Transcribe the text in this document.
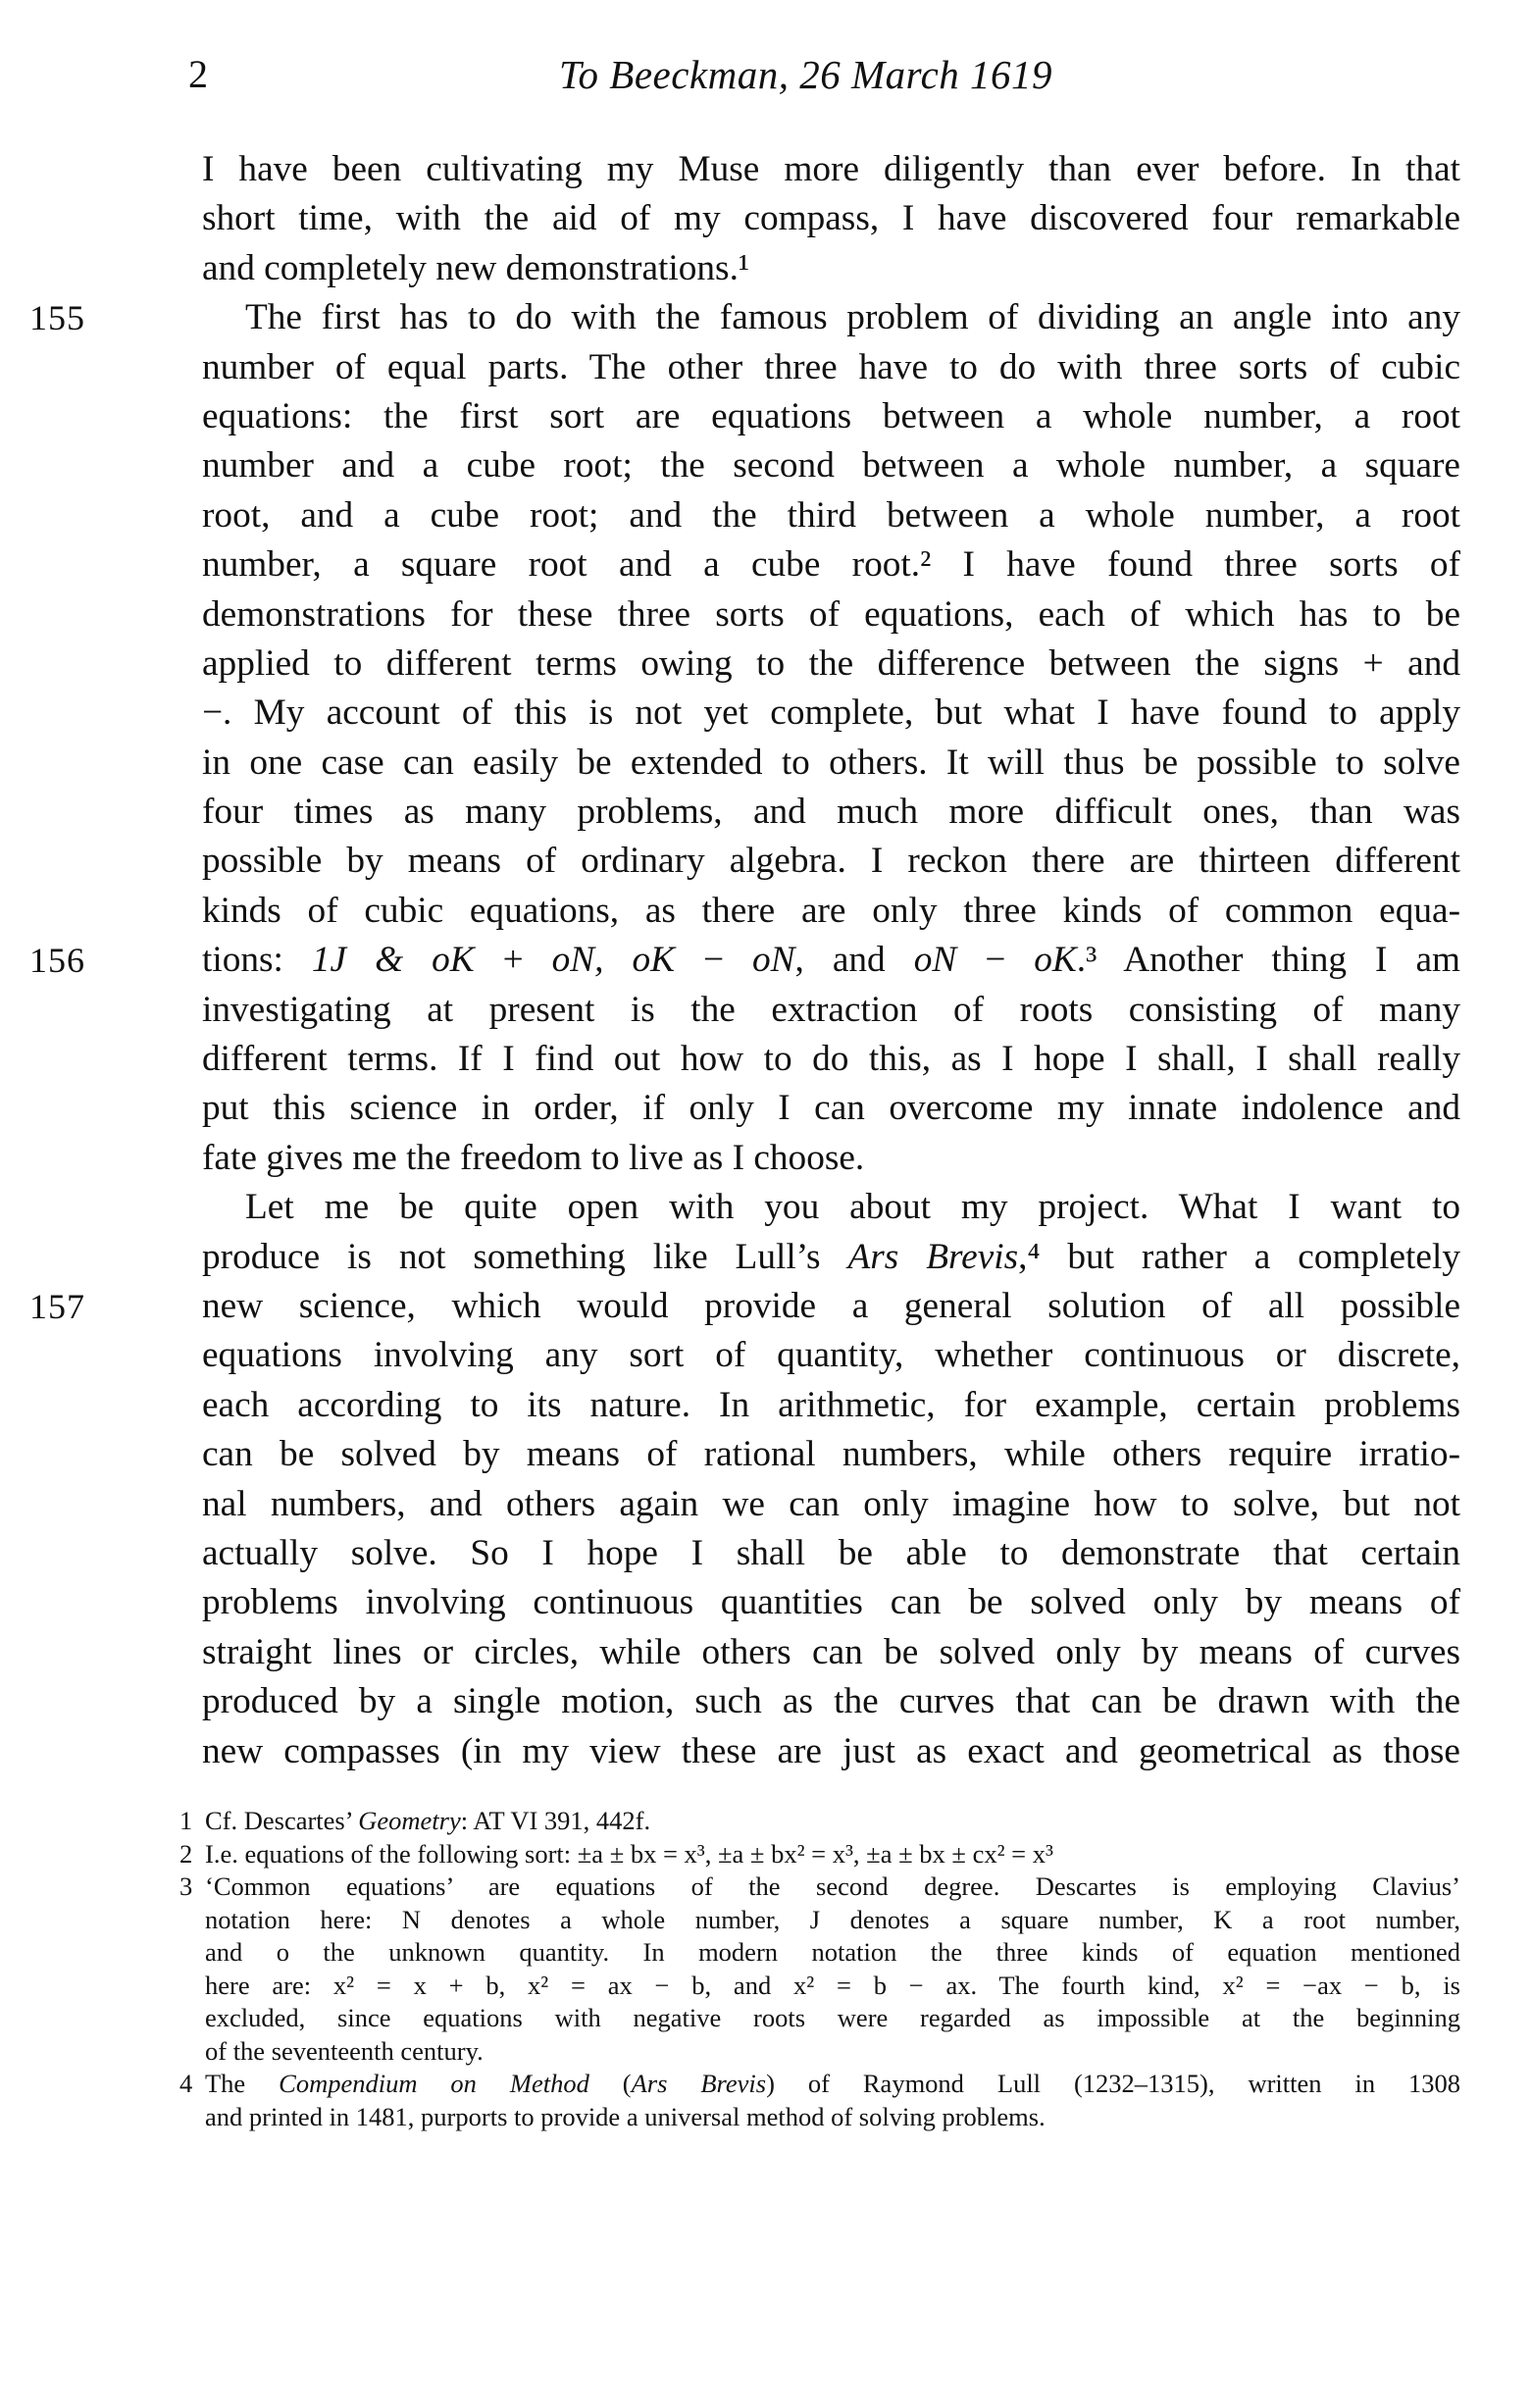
2	To Beeckman, 26 March 1619
I have been cultivating my Muse more diligently than ever before. In that
short time, with the aid of my compass, I have discovered four remarkable
and completely new demonstrations.¹
155	The first has to do with the famous problem of dividing an angle into any
number of equal parts. The other three have to do with three sorts of cubic
equations: the first sort are equations between a whole number, a root
number and a cube root; the second between a whole number, a square
root, and a cube root; and the third between a whole number, a root
number, a square root and a cube root.² I have found three sorts of
demonstrations for these three sorts of equations, each of which has to be
applied to different terms owing to the difference between the signs + and
−. My account of this is not yet complete, but what I have found to apply
in one case can easily be extended to others. It will thus be possible to solve
four times as many problems, and much more difficult ones, than was
possible by means of ordinary algebra. I reckon there are thirteen different
kinds of cubic equations, as there are only three kinds of common equa-
156	tions: 1J & oK + oN, oK − oN, and oN − oK.³ Another thing I am
investigating at present is the extraction of roots consisting of many
different terms. If I find out how to do this, as I hope I shall, I shall really
put this science in order, if only I can overcome my innate indolence and
fate gives me the freedom to live as I choose.
Let me be quite open with you about my project. What I want to
produce is not something like Lull’s Ars Brevis,⁴ but rather a completely
157	new science, which would provide a general solution of all possible
equations involving any sort of quantity, whether continuous or discrete,
each according to its nature. In arithmetic, for example, certain problems
can be solved by means of rational numbers, while others require irratio-
nal numbers, and others again we can only imagine how to solve, but not
actually solve. So I hope I shall be able to demonstrate that certain
problems involving continuous quantities can be solved only by means of
straight lines or circles, while others can be solved only by means of curves
produced by a single motion, such as the curves that can be drawn with the
new compasses (in my view these are just as exact and geometrical as those
1 Cf. Descartes’ Geometry: AT VI 391, 442f.
2 I.e. equations of the following sort: ±a ± bx = x³, ±a ± bx² = x³, ±a ± bx ± cx² = x³
3 ‘Common equations’ are equations of the second degree. Descartes is employing Clavius’
notation here: N denotes a whole number, J denotes a square number, K a root number,
and o the unknown quantity. In modern notation the three kinds of equation mentioned
here are: x² = x + b, x² = ax − b, and x² = b − ax. The fourth kind, x² = −ax − b, is
excluded, since equations with negative roots were regarded as impossible at the beginning
of the seventeenth century.
4 The Compendium on Method (Ars Brevis) of Raymond Lull (1232–1315), written in 1308
and printed in 1481, purports to provide a universal method of solving problems.
